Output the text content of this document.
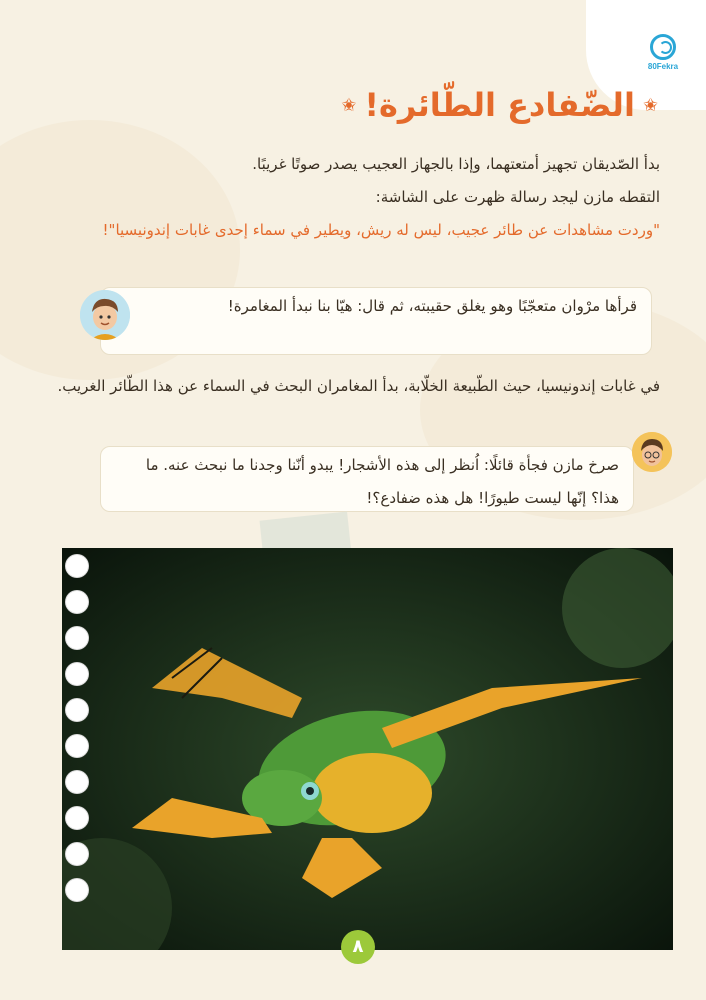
80Fekra
✬
الضّفادع الطّائرة!
✬

بدأ الصّديقان تجهيز أمتعتهما، وإذا بالجهاز العجيب يصدر صوتًا غريبًا.

التقطه مازن ليجد رسالة ظهرت على الشاشة:

"وردت مشاهدات عن طائر عجيب، ليس له ريش، ويطير في سماء إحدى غابات إندونيسيا"!

قرأها مرْوان متعجّبًا وهو يغلق حقيبته، ثم قال: هيّا بنا نبدأ المغامرة!

في غابات إندونيسيا، حيث الطّبيعة الخلّابة، بدأ المغامران البحث في السماء عن هذا الطّائر الغريب.

صرخ مازن فجأة قائلًا: اُنظر إلى هذه الأشجار! يبدو أنّنا وجدنا ما نبحث عنه. ما هذا؟ إنّها ليست طيورًا! هل هذه ضفادع؟!
٨
